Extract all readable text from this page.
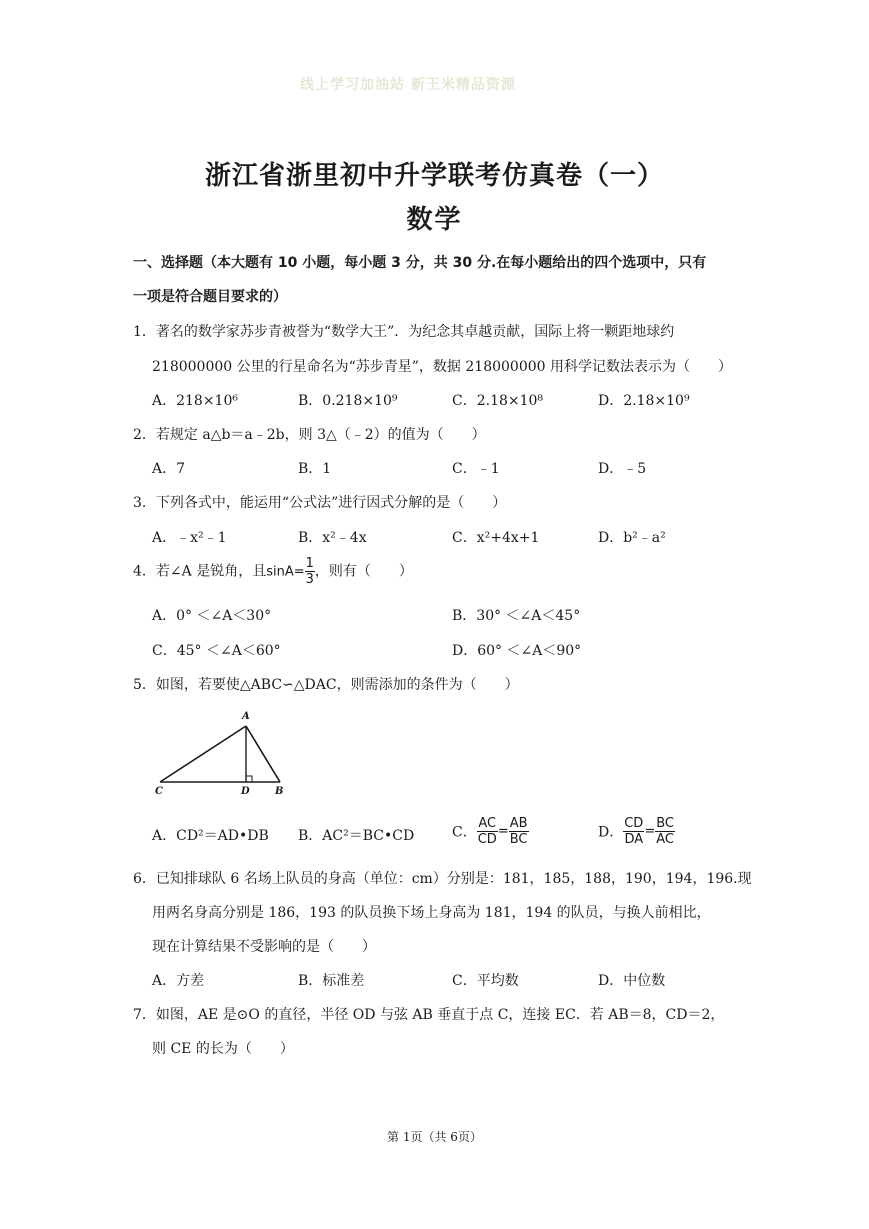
线上学习加油站 新王米精品资源
浙江省浙里初中升学联考仿真卷（一）
数学
一、选择题（本大题有 10 小题，每小题 3 分，共 30 分.在每小题给出的四个选项中，只有
一项是符合题目要求的）
1．著名的数学家苏步青被誉为“数学大王”．为纪念其卓越贡献，国际上将一颗距地球约
218000000 公里的行星命名为“苏步青星”，数据 218000000 用科学记数法表示为（　　）
A．218×10⁶	B．0.218×10⁹	C．2.18×10⁸	D．2.18×10⁹
2．若规定 a△b＝a﹣2b，则 3△（﹣2）的值为（　　）
A．7	B．1	C．﹣1	D．﹣5
3．下列各式中，能运用“公式法”进行因式分解的是（　　）
A．﹣x²﹣1	B．x²﹣4x	C．x²+4x+1	D．b²﹣a²
4．若∠A 是锐角，且$\sin A= \frac{1}{3}$ ，则有（　　）
A．0° ＜∠A＜30°	B．30° ＜∠A＜45°
C．45° ＜∠A＜60°	D．60° ＜∠A＜90°
5．如图，若要使△ABC∽△DAC，则需添加的条件为（　　）
A
C	D	B
A．CD²＝AD•DB B．AC²＝BC•CD	C． $\frac{AC}{CD} = \frac{AB}{BC}$	D． $\frac{CD}{DA} = \frac{BC}{AC}$
6．已知排球队 6 名场上队员的身高（单位：cm）分别是：181，185，188，190，194，196.现
用两名身高分别是 186，193 的队员换下场上身高为 181，194 的队员，与换人前相比，
现在计算结果不受影响的是（　　）
A．方差	B．标准差	C．平均数	D．中位数
7．如图，AE 是⊙O 的直径，半径 OD 与弦 AB 垂直于点 C，连接 EC．若 AB＝8，CD＝2，
则 CE 的长为（　　）
第 1页（共 6页）
